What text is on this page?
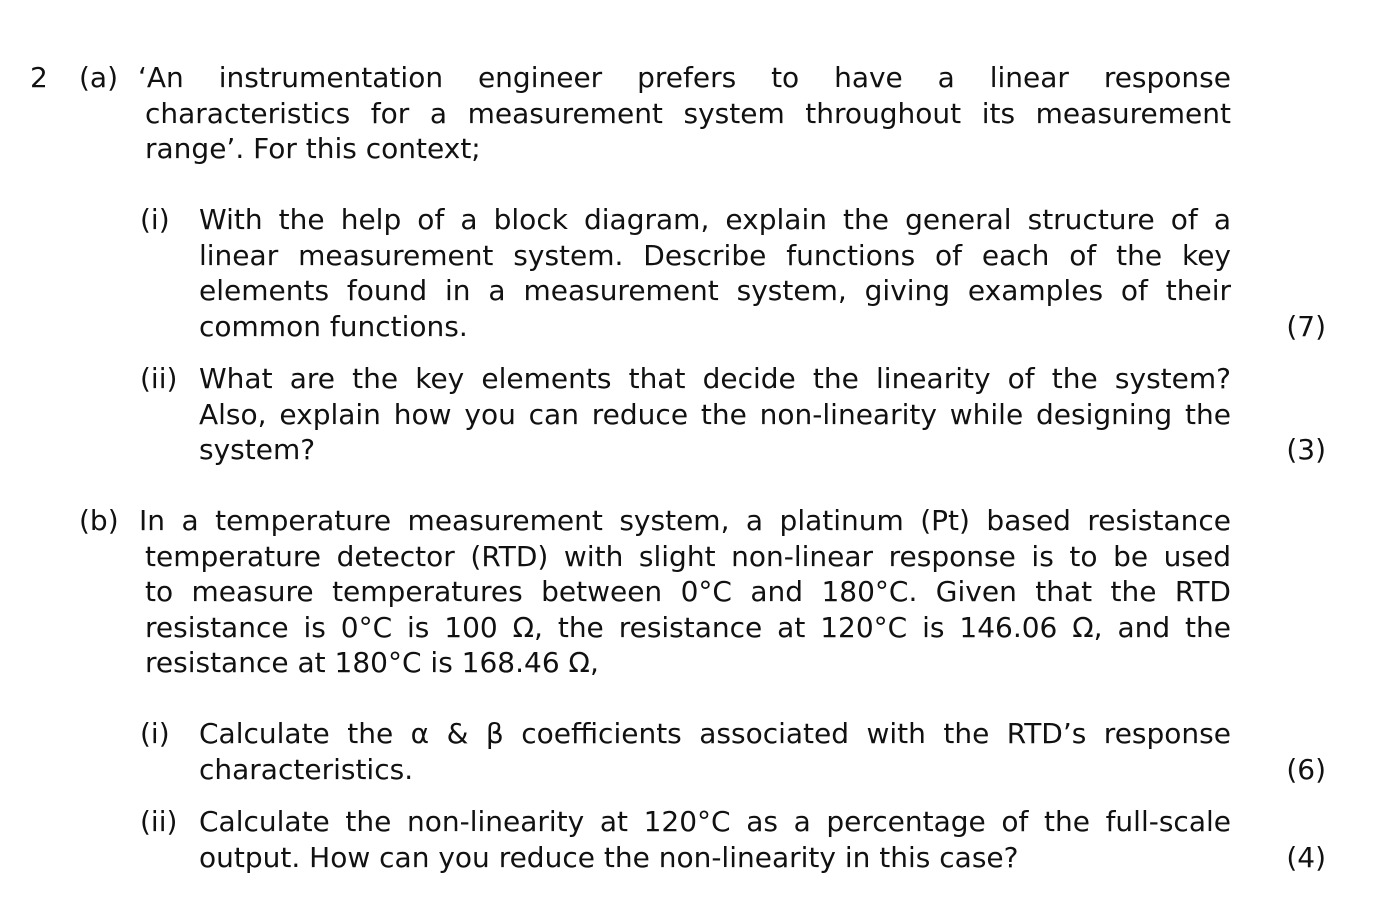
2 (a) ‘An instrumentation engineer prefers to have a linear response
characteristics for a measurement system throughout its measurement
range’. For this context;
(i) With the help of a block diagram, explain the general structure of a
linear measurement system. Describe functions of each of the key
elements found in a measurement system, giving examples of their
common functions.	(7)
(ii) What are the key elements that decide the linearity of the system?
Also, explain how you can reduce the non-linearity while designing the
system?	(3)
(b) In a temperature measurement system, a platinum (Pt) based resistance
temperature detector (RTD) with slight non-linear response is to be used
to measure temperatures between 0°C and 180°C. Given that the RTD
resistance is 0°C is 100 Ω, the resistance at 120°C is 146.06 Ω, and the
resistance at 180°C is 168.46 Ω,
(i) Calculate the α & β coefficients associated with the RTD’s response
characteristics.	(6)
(ii) Calculate the non-linearity at 120°C as a percentage of the full-scale
output. How can you reduce the non-linearity in this case?	(4)
